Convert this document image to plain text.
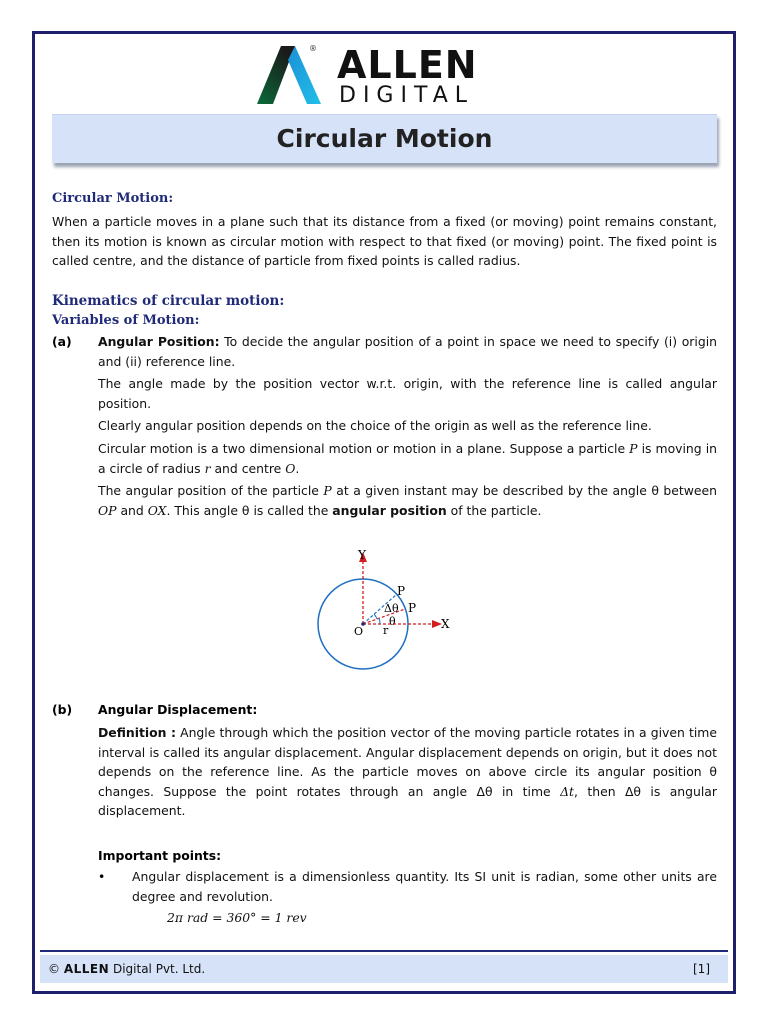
® ALLEN
DIGITAL
Circular Motion
Circular Motion:
When a particle moves in a plane such that its distance from a fixed (or moving) point remains constant, then its motion is known as circular motion with respect to that fixed (or moving) point. The fixed point is called centre, and the distance of particle from fixed points is called radius.
Kinematics of circular motion:
Variables of Motion:
(a) Angular Position: To decide the angular position of a point in space we need to specify (i) origin and (ii) reference line.
The angle made by the position vector w.r.t. origin, with the reference line is called angular position.
Clearly angular position depends on the choice of the origin as well as the reference line.
Circular motion is a two dimensional motion or motion in a plane. Suppose a particle P is moving in a circle of radius r and centre O.
The angular position of the particle P at a given instant may be described by the angle θ between OP and OX. This angle θ is called the angular position of the particle.
Y
X
O r
P
P
Δθ
θ
(b) Angular Displacement:
Definition : Angle through which the position vector of the moving particle rotates in a given time interval is called its angular displacement. Angular displacement depends on origin, but it does not depends on the reference line. As the particle moves on above circle its angular position θ changes. Suppose the point rotates through an angle Δθ in time Δt, then Δθ is angular displacement.
Important points:
• Angular displacement is a dimensionless quantity. Its SI unit is radian, some other units are degree and revolution.
2π rad = 360° = 1 rev
© ALLEN Digital Pvt. Ltd.	[1]
